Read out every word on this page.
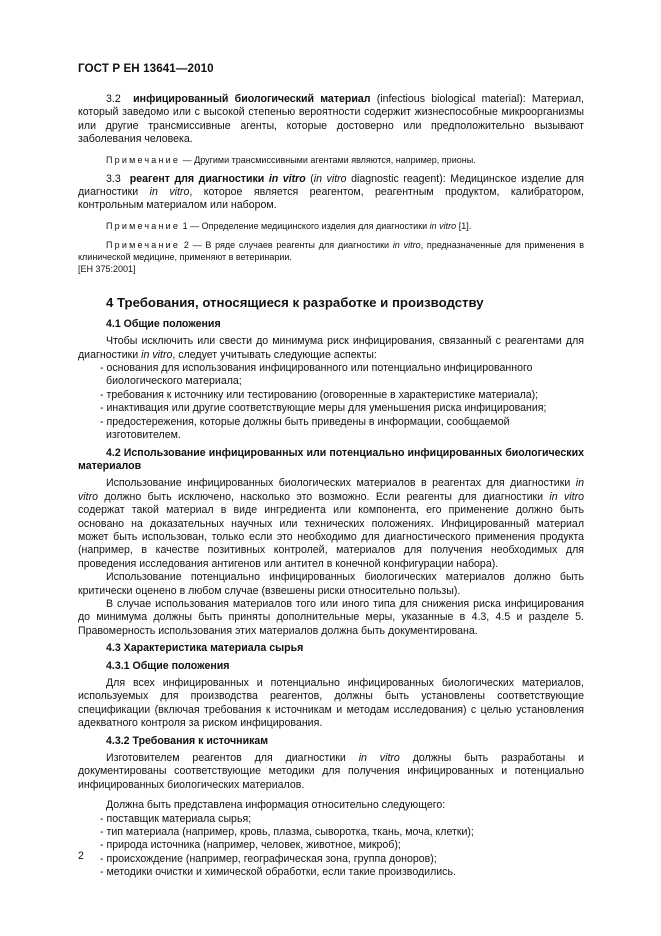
ГОСТ Р ЕН 13641—2010

3.2 инфицированный биологический материал (infectious biological material): Материал, который заведомо или с высокой степенью вероятности содержит жизнеспособные микроорганизмы или другие трансмиссивные агенты, которые достоверно или предположительно вызывают заболевания человека.

Примечание — Другими трансмиссивными агентами являются, например, прионы.

3.3 реагент для диагностики in vitro (in vitro diagnostic reagent): Медицинское изделие для диагностики in vitro, которое является реагентом, реагентным продуктом, калибратором, контрольным материалом или набором.

Примечание 1 — Определение медицинского изделия для диагностики in vitro [1].

Примечание 2 — В ряде случаев реагенты для диагностики in vitro, предназначенные для применения в клинической медицине, применяют в ветеринарии.

[ЕН 375:2001]

4 Требования, относящиеся к разработке и производству

4.1 Общие положения

Чтобы исключить или свести до минимума риск инфицирования, связанный с реагентами для диагностики in vitro, следует учитывать следующие аспекты:

- основания для использования инфицированного или потенциально инфицированного биологического материала;

- требования к источнику или тестированию (оговоренные в характеристике материала);

- инактивация или другие соответствующие меры для уменьшения риска инфицирования;

- предостережения, которые должны быть приведены в информации, сообщаемой изготовителем.

4.2 Использование инфицированных или потенциально инфицированных биологических материалов

Использование инфицированных биологических материалов в реагентах для диагностики in vitro должно быть исключено, насколько это возможно. Если реагенты для диагностики in vitro содержат такой материал в виде ингредиента или компонента, его применение должно быть основано на доказательных научных или технических положениях. Инфицированный материал может быть использован, только если это необходимо для диагностического применения продукта (например, в качестве позитивных контролей, материалов для получения необходимых для проведения исследования антигенов или антител в конечной конфигурации набора).

Использование потенциально инфицированных биологических материалов должно быть критически оценено в любом случае (взвешены риски относительно пользы).

В случае использования материалов того или иного типа для снижения риска инфицирования до минимума должны быть приняты дополнительные меры, указанные в 4.3, 4.5 и разделе 5. Правомерность использования этих материалов должна быть документирована.

4.3 Характеристика материала сырья

4.3.1 Общие положения

Для всех инфицированных и потенциально инфицированных биологических материалов, используемых для производства реагентов, должны быть установлены соответствующие спецификации (включая требования к источникам и методам исследования) с целью установления адекватного контроля за риском инфицирования.

4.3.2 Требования к источникам

Изготовителем реагентов для диагностики in vitro должны быть разработаны и документированы соответствующие методики для получения инфицированных и потенциально инфицированных биологических материалов.

Должна быть представлена информация относительно следующего:

- поставщик материала сырья;

- тип материала (например, кровь, плазма, сыворотка, ткань, моча, клетки);

- природа источника (например, человек, животное, микроб);

- происхождение (например, географическая зона, группа доноров);

- методики очистки и химической обработки, если такие производились.

2
